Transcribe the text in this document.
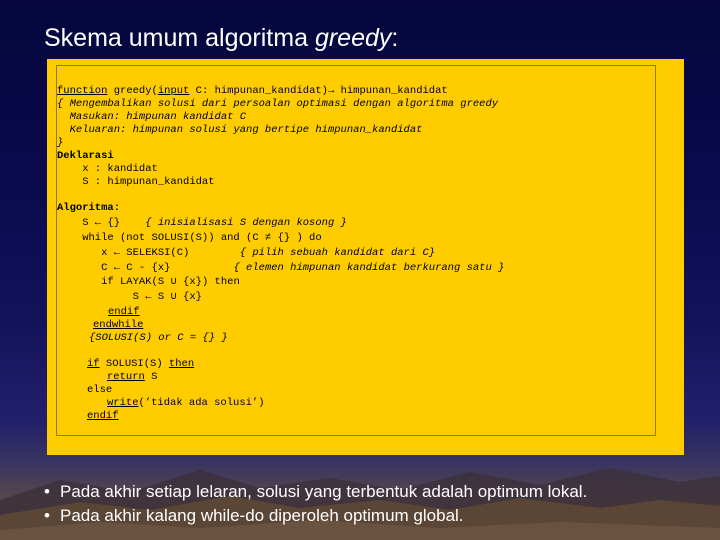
Skema umum algoritma greedy:
function greedy(input C: himpunan_kandidat)→ himpunan_kandidat
{ Mengembalikan solusi dari persoalan optimasi dengan algoritma greedy
Masukan: himpunan kandidat C
Keluaran: himpunan solusi yang bertipe himpunan_kandidat
}
Deklarasi
x : kandidat
S : himpunan_kandidat
Algoritma:
S ← {}    { inisialisasi S dengan kosong }
while (not SOLUSI(S)) and (C ≠ {} ) do
x ← SELEKSI(C)        { pilih sebuah kandidat dari C}
C ← C - {x}          { elemen himpunan kandidat berkurang satu }
if LAYAK(S ∪ {x}) then
S ← S ∪ {x}
endif
endwhile
{SOLUSI(S) or C = {} }
if SOLUSI(S) then
return S
else
write(’tidak ada solusi’)
endif
• Pada akhir setiap lelaran, solusi yang terbentuk adalah optimum lokal.
• Pada akhir kalang while-do diperoleh optimum global.
